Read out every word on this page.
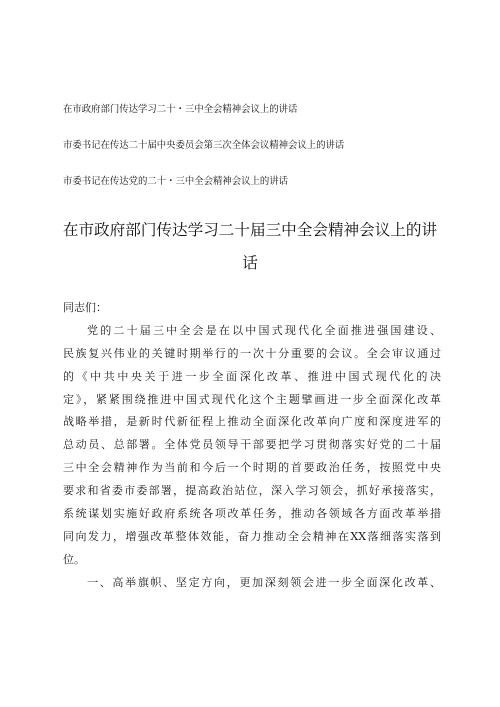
在市政府部门传达学习二十・三中全会精神会议上的讲话
市委书记在传达二十届中央委员会第三次全体会议精神会议上的讲话
市委书记在传达党的二十・三中全会精神会议上的讲话
在市政府部门传达学习二十届三中全会精神会议上的讲
话
同志们：
党的二十届三中全会是在以中国式现代化全面推进强国建设、
民族复兴伟业的关键时期举行的一次十分重要的会议。全会审议通过
的《中共中央关于进一步全面深化改革、推进中国式现代化的决
定》，紧紧围绕推进中国式现代化这个主题擘画进一步全面深化改革
战略举措，是新时代新征程上推动全面深化改革向广度和深度进军的
总动员、总部署。全体党员领导干部要把学习贯彻落实好党的二十届
三中全会精神作为当前和今后一个时期的首要政治任务，按照党中央
要求和省委市委部署，提高政治站位，深入学习领会，抓好承接落实，
系统谋划实施好政府系统各项改革任务，推动各领域各方面改革举措
同向发力，增强改革整体效能，奋力推动全会精神在XX落细落实落到
位。
一、高举旗帜、坚定方向，更加深刻领会进一步全面深化改革、
